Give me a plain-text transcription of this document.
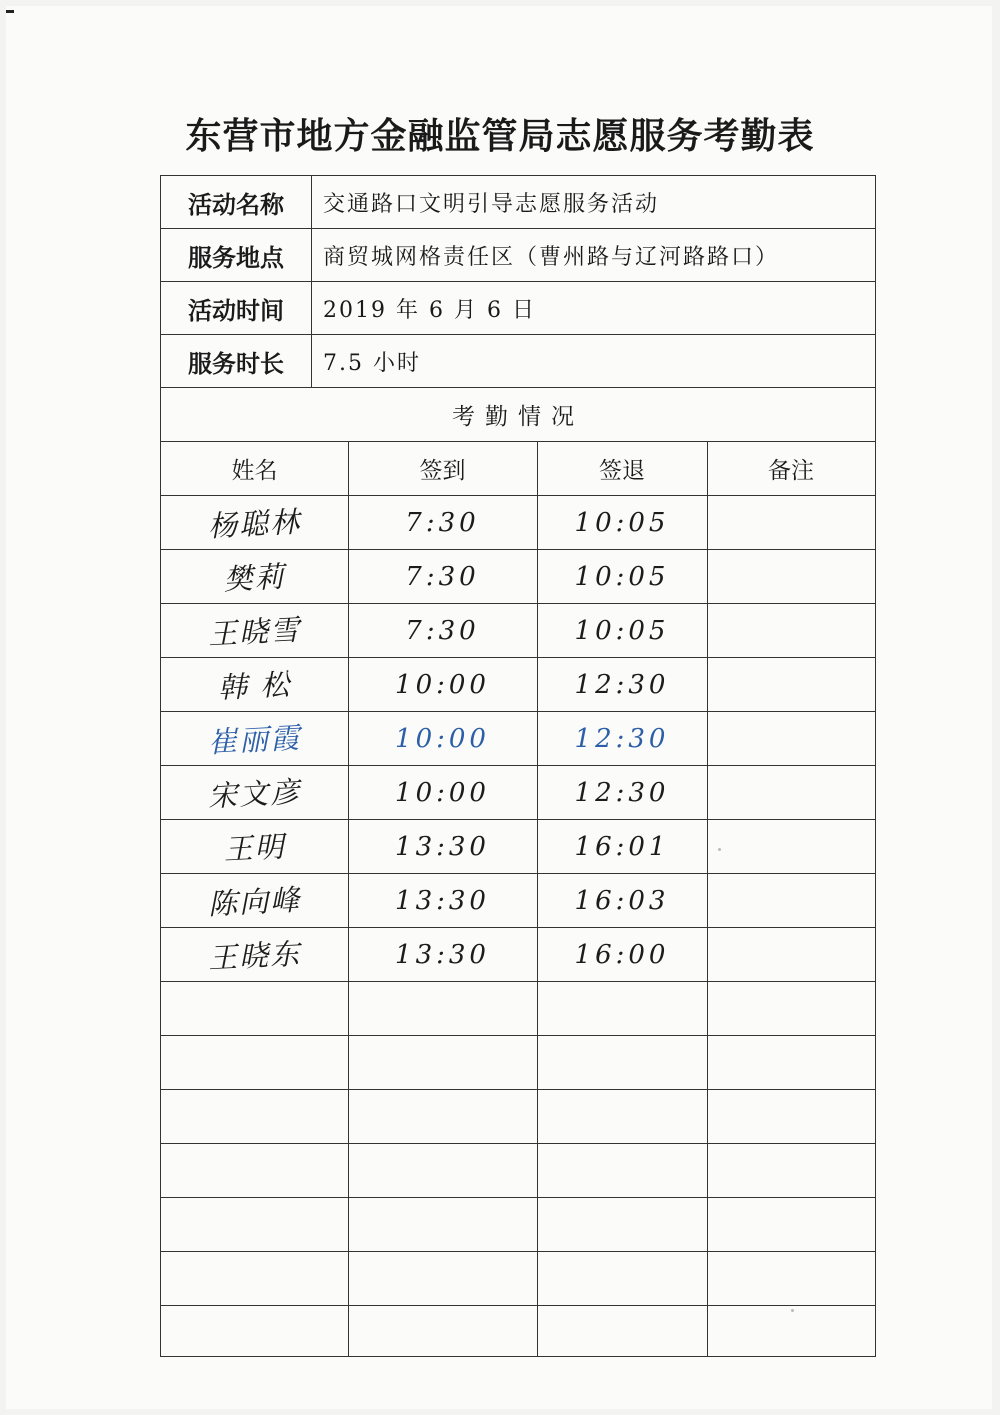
东营市地方金融监管局志愿服务考勤表
活动名称	交通路口文明引导志愿服务活动
服务地点	商贸城网格责任区（曹州路与辽河路路口）
活动时间	2019 年 6 月 6 日
服务时长	7.5 小时
考勤情况
姓名	签到	签退	备注
杨聪林	7:30	10:05
樊莉	7:30	10:05
王晓雪	7:30	10:05
韩 松	10:00	12:30
崔丽霞	10:00	12:30
宋文彦	10:00	12:30
王明	13:30	16:01
陈向峰	13:30	16:03
王晓东	13:30	16:00
